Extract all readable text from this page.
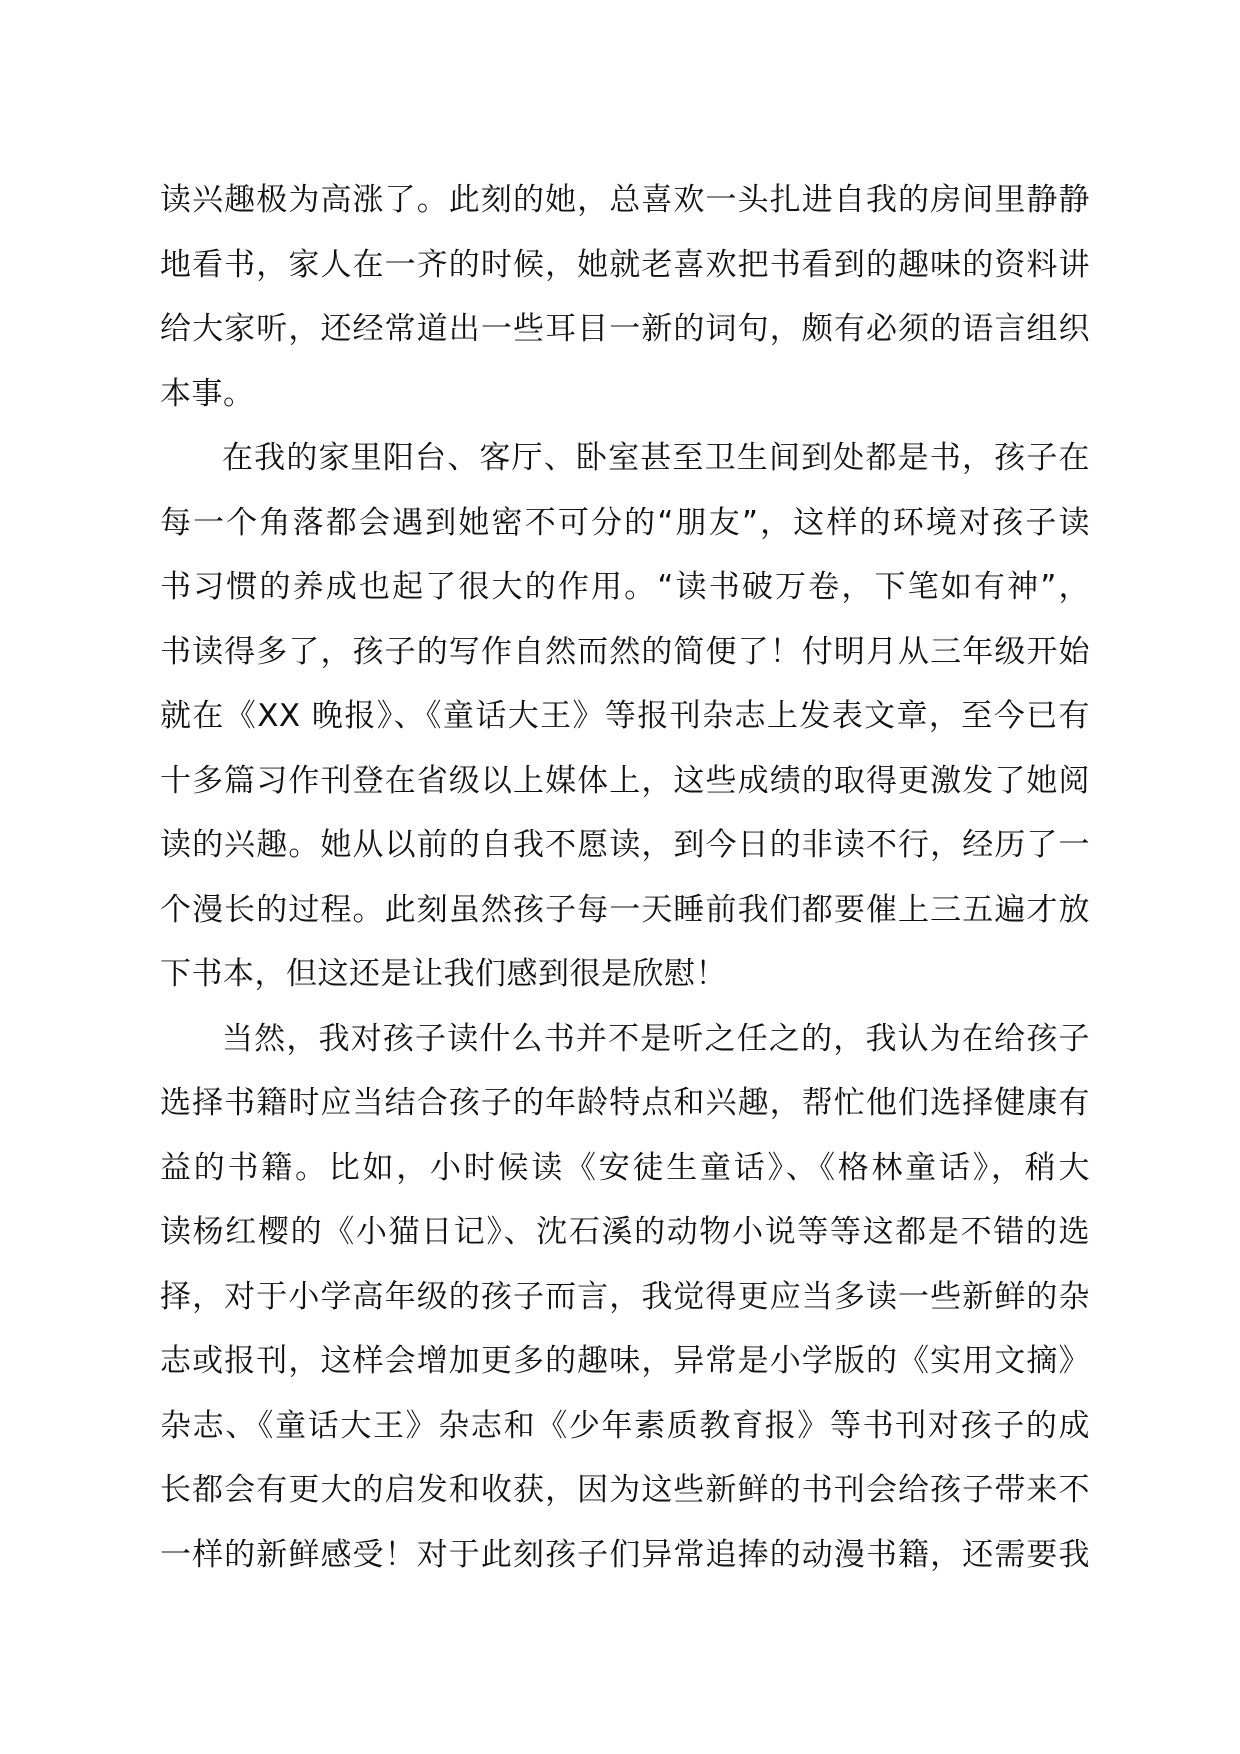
读兴趣极为高涨了。此刻的她，总喜欢一头扎进自我的房间里静静
地看书，家人在一齐的时候，她就老喜欢把书看到的趣味的资料讲
给大家听，还经常道出一些耳目一新的词句，颇有必须的语言组织
本事。
在我的家里阳台、客厅、卧室甚至卫生间到处都是书，孩子在
每一个角落都会遇到她密不可分的“朋友”，这样的环境对孩子读
书习惯的养成也起了很大的作用。“读书破万卷，下笔如有神”，
书读得多了，孩子的写作自然而然的简便了！付明月从三年级开始
就在《XX 晚报》、《童话大王》等报刊杂志上发表文章，至今已有
十多篇习作刊登在省级以上媒体上，这些成绩的取得更激发了她阅
读的兴趣。她从以前的自我不愿读，到今日的非读不行，经历了一
个漫长的过程。此刻虽然孩子每一天睡前我们都要催上三五遍才放
下书本，但这还是让我们感到很是欣慰！
当然，我对孩子读什么书并不是听之任之的，我认为在给孩子
选择书籍时应当结合孩子的年龄特点和兴趣，帮忙他们选择健康有
益的书籍。比如，小时候读《安徒生童话》、《格林童话》，稍大
读杨红樱的《小猫日记》、沈石溪的动物小说等等这都是不错的选
择，对于小学高年级的孩子而言，我觉得更应当多读一些新鲜的杂
志或报刊，这样会增加更多的趣味，异常是小学版的《实用文摘》
杂志、《童话大王》杂志和《少年素质教育报》等书刊对孩子的成
长都会有更大的启发和收获，因为这些新鲜的书刊会给孩子带来不
一样的新鲜感受！对于此刻孩子们异常追捧的动漫书籍，还需要我
